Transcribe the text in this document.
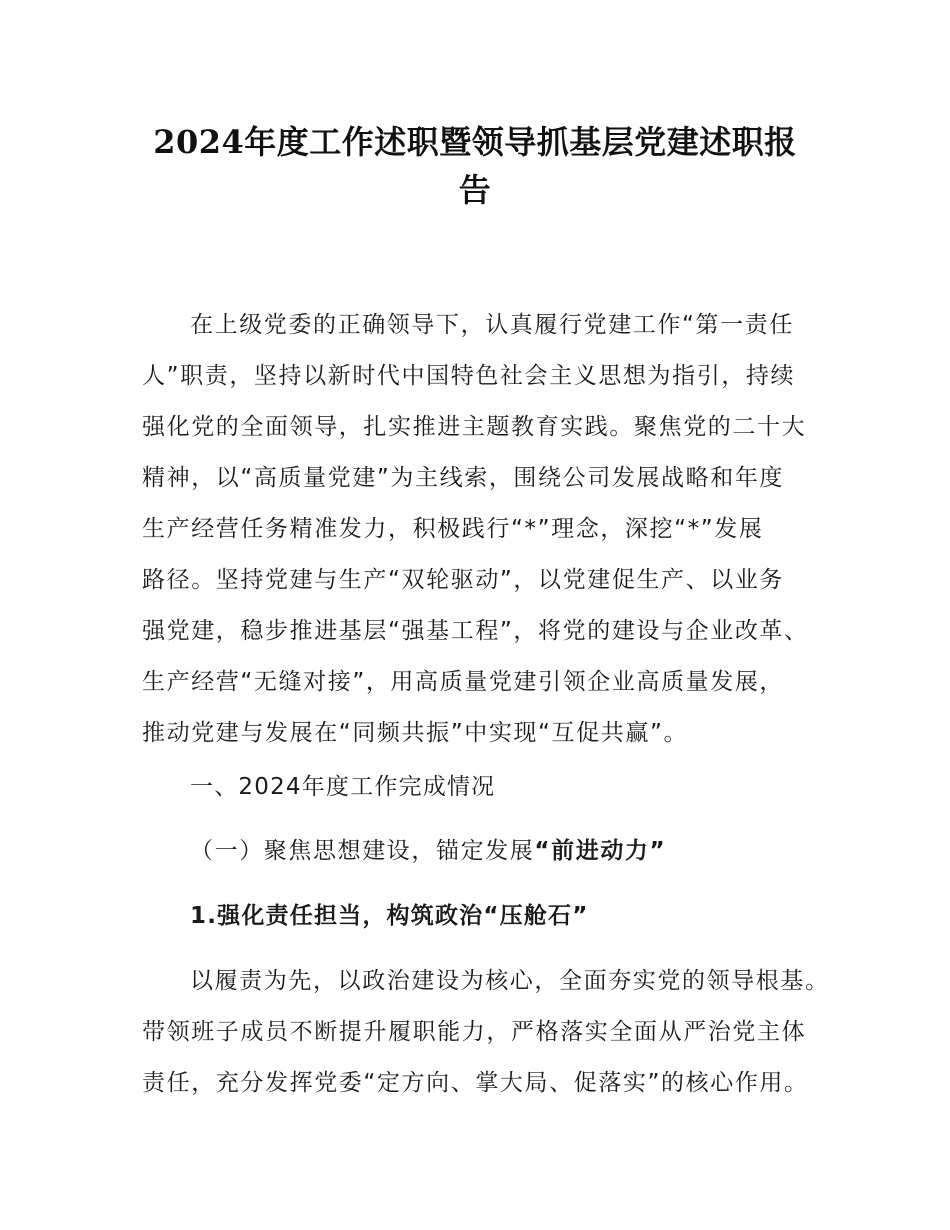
2024年度工作述职暨领导抓基层党建述职报
告
在上级党委的正确领导下，认真履行党建工作“第一责任
人”职责，坚持以新时代中国特色社会主义思想为指引，持续
强化党的全面领导，扎实推进主题教育实践。聚焦党的二十大
精神，以“高质量党建”为主线索，围绕公司发展战略和年度
生产经营任务精准发力，积极践行“*”理念，深挖“*”发展
路径。坚持党建与生产“双轮驱动”，以党建促生产、以业务
强党建，稳步推进基层“强基工程”，将党的建设与企业改革、
生产经营“无缝对接”，用高质量党建引领企业高质量发展，
推动党建与发展在“同频共振”中实现“互促共赢”。
一、2024年度工作完成情况
（一）聚焦思想建设，锚定发展“前进动力”
1.强化责任担当，构筑政治“压舱石”
以履责为先，以政治建设为核心，全面夯实党的领导根基。
带领班子成员不断提升履职能力，严格落实全面从严治党主体
责任，充分发挥党委“定方向、掌大局、促落实”的核心作用。
